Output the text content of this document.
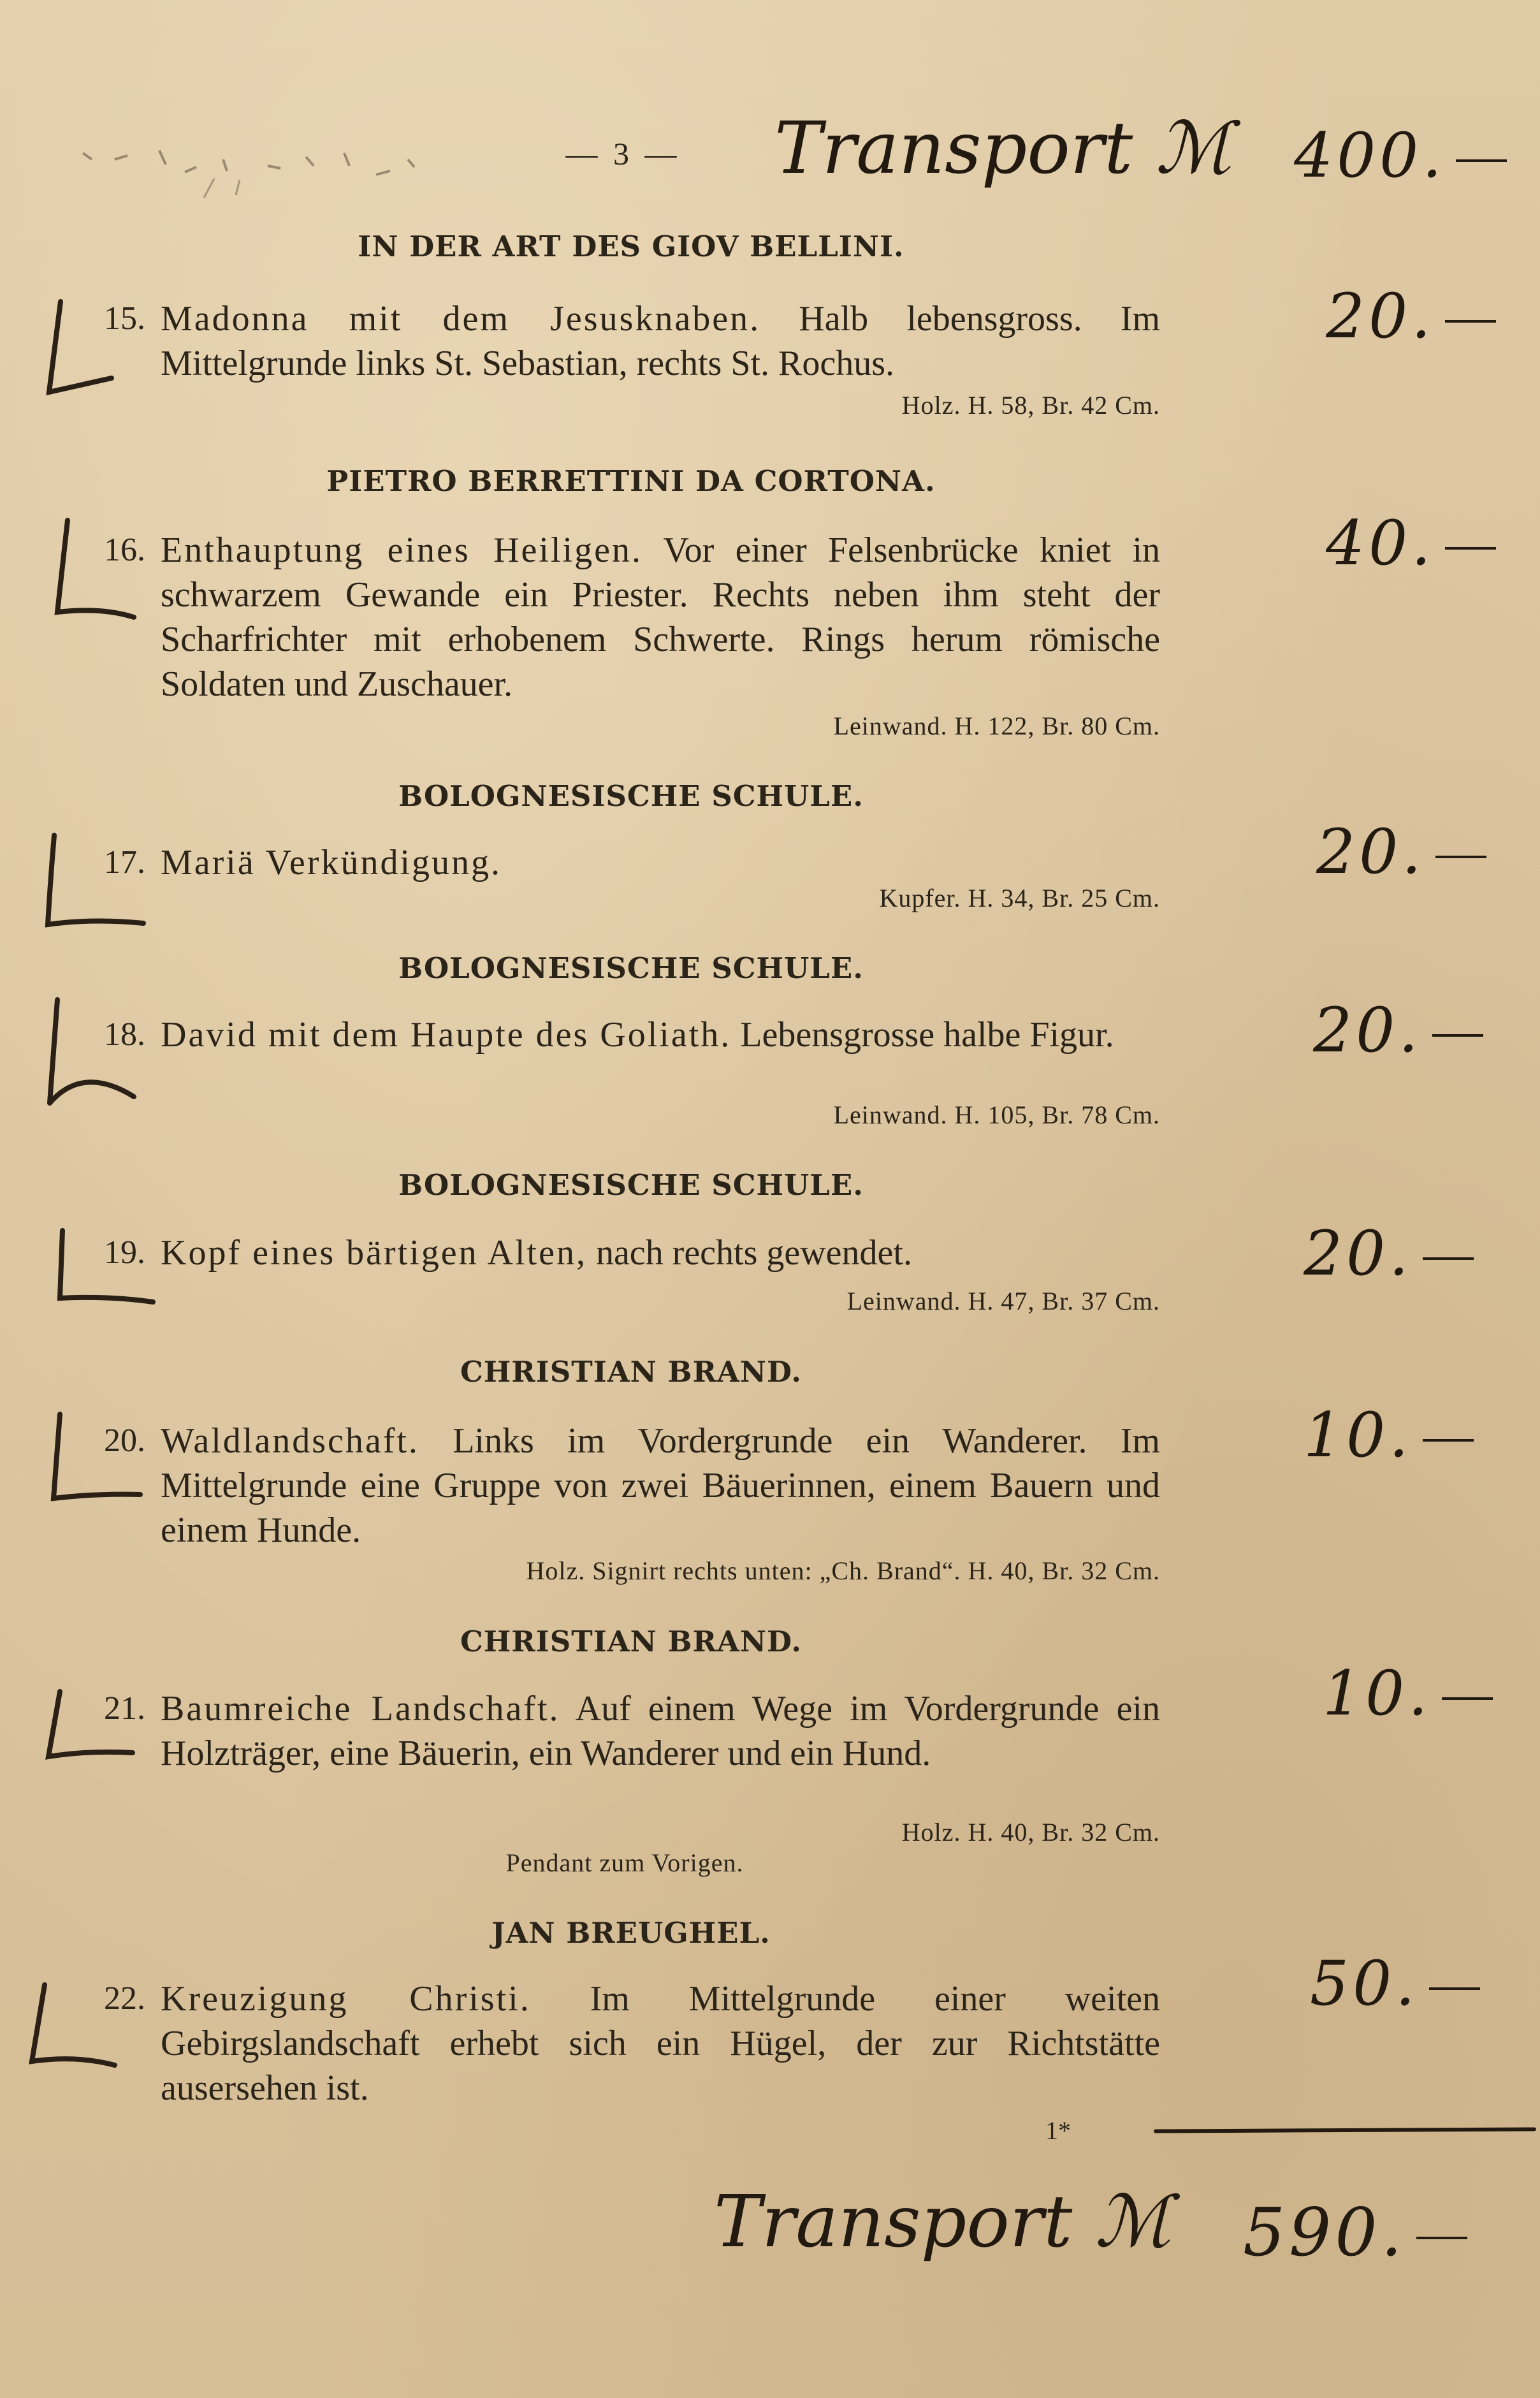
— 3 — Transport ℳ 400.
IN DER ART DES GIOV BELLINI.
15. Madonna mit dem Jesusknaben. Halb lebensgross. Im Mittelgrunde links St. Sebastian, rechts St. Rochus.
Holz. H. 58, Br. 42 Cm.
20.
PIETRO BERRETTINI DA CORTONA.
16. Enthauptung eines Heiligen. Vor einer Felsenbrücke kniet in schwarzem Gewande ein Priester. Rechts neben ihm steht der Scharfrichter mit erhobenem Schwerte. Rings herum römische Soldaten und Zuschauer.
Leinwand. H. 122, Br. 80 Cm.
40.
BOLOGNESISCHE SCHULE.
17. Mariä Verkündigung.
Kupfer. H. 34, Br. 25 Cm.
20.
BOLOGNESISCHE SCHULE.
18. David mit dem Haupte des Goliath. Lebensgrosse halbe Figur.
Leinwand. H. 105, Br. 78 Cm.
20.
BOLOGNESISCHE SCHULE.
19. Kopf eines bärtigen Alten, nach rechts gewendet.
Leinwand. H. 47, Br. 37 Cm.
20.
CHRISTIAN BRAND.
20. Waldlandschaft. Links im Vordergrunde ein Wanderer. Im Mittelgrunde eine Gruppe von zwei Bäuerinnen, einem Bauern und einem Hunde.
Holz. Signirt rechts unten: „Ch. Brand“. H. 40, Br. 32 Cm.
10.
CHRISTIAN BRAND.
21. Baumreiche Landschaft. Auf einem Wege im Vordergrunde ein Holzträger, eine Bäuerin, ein Wanderer und ein Hund.
Holz. H. 40, Br. 32 Cm.
Pendant zum Vorigen.
10.
JAN BREUGHEL.
22. Kreuzigung Christi. Im Mittelgrunde einer weiten Gebirgslandschaft erhebt sich ein Hügel, der zur Richtstätte ausersehen ist.
50.
1*
Transport ℳ 590.
